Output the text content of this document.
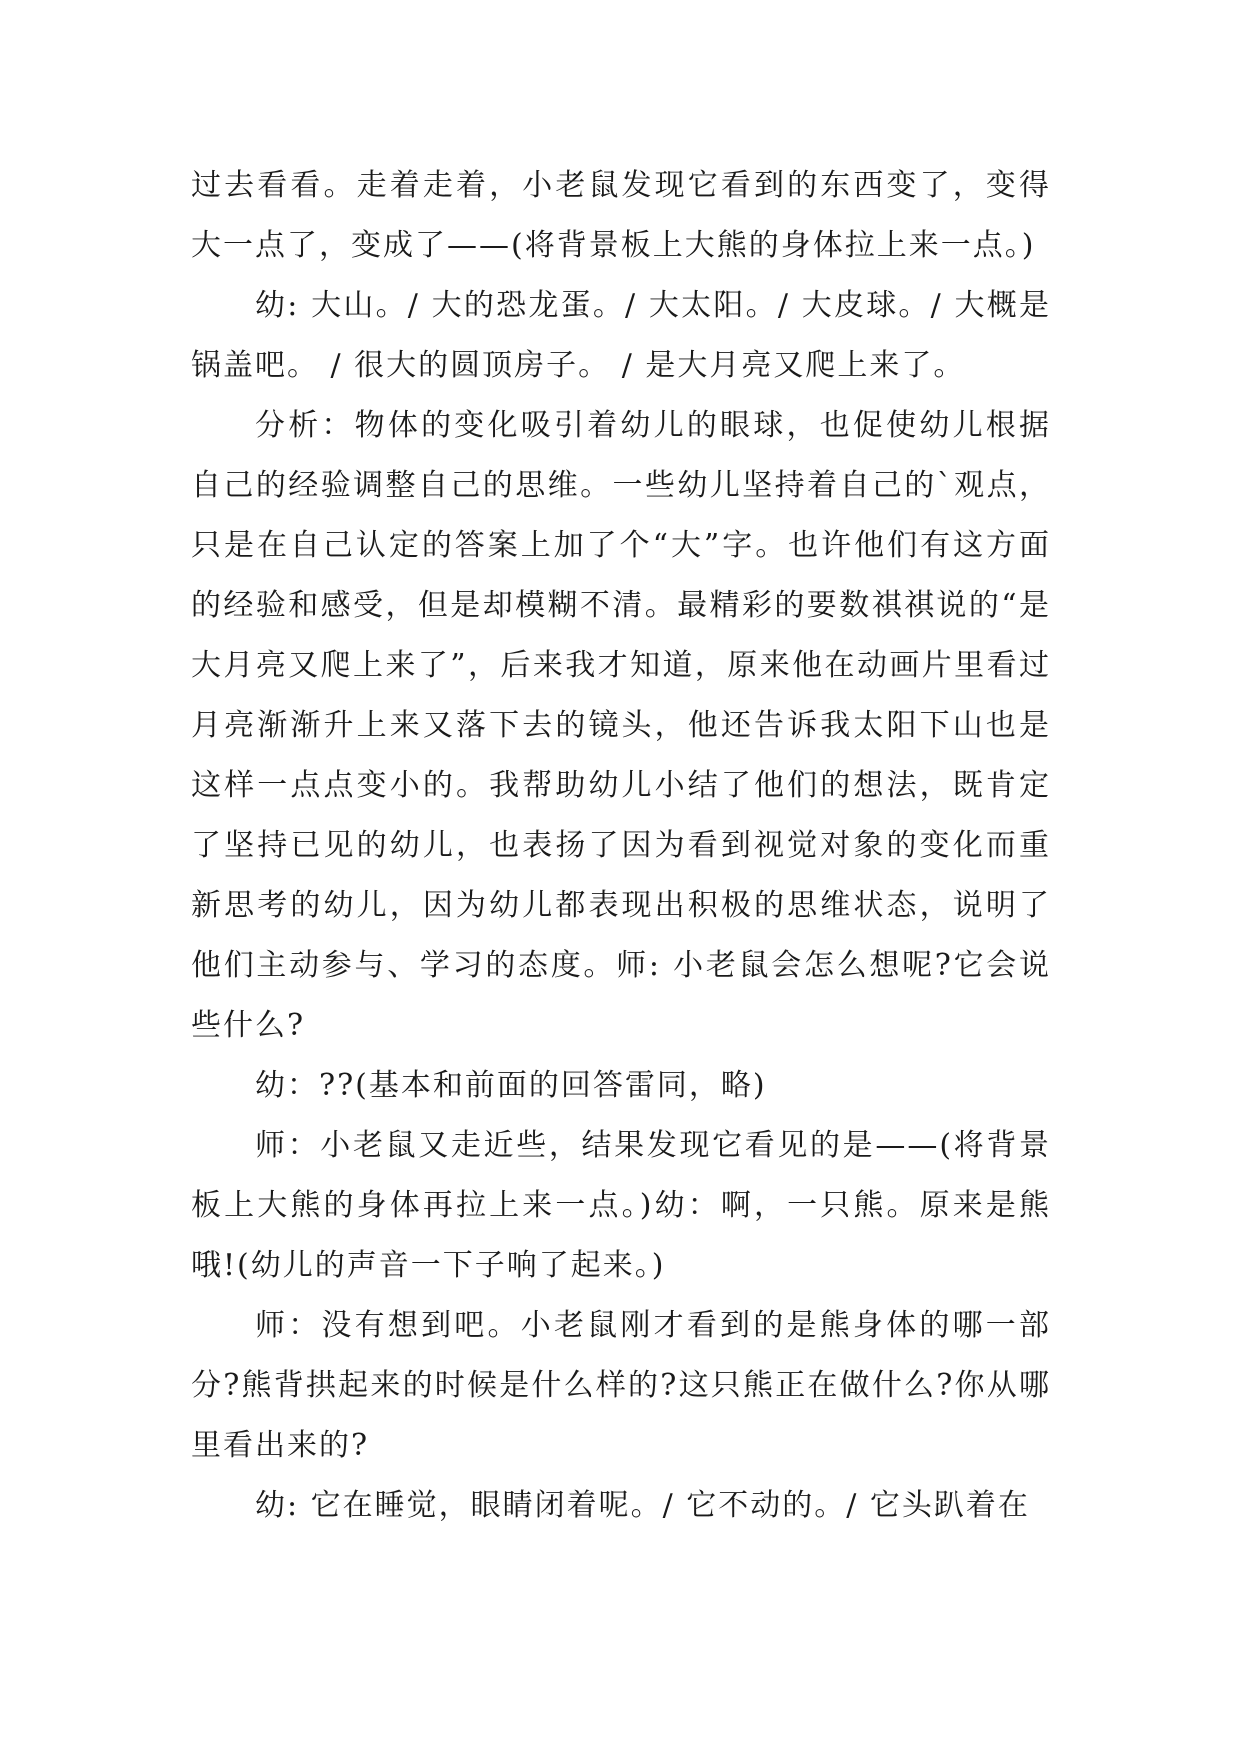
过去看看。走着走着，小老鼠发现它看到的东西变了，变得大一点了，变成了——(将背景板上大熊的身体拉上来一点。)

幼: 大山。/ 大的恐龙蛋。/ 大太阳。/ 大皮球。/ 大概是锅盖吧。 / 很大的圆顶房子。 / 是大月亮又爬上来了。

分析：物体的变化吸引着幼儿的眼球，也促使幼儿根据自己的经验调整自己的思维。一些幼儿坚持着自己的`观点，只是在自己认定的答案上加了个“大”字。也许他们有这方面的经验和感受，但是却模糊不清。最精彩的要数祺祺说的“是大月亮又爬上来了”，后来我才知道，原来他在动画片里看过月亮渐渐升上来又落下去的镜头，他还告诉我太阳下山也是这样一点点变小的。我帮助幼儿小结了他们的想法，既肯定了坚持已见的幼儿，也表扬了因为看到视觉对象的变化而重新思考的幼儿，因为幼儿都表现出积极的思维状态，说明了他们主动参与、学习的态度。师: 小老鼠会怎么想呢?它会说些什么?

幼：??(基本和前面的回答雷同，略)

师：小老鼠又走近些，结果发现它看见的是——(将背景板上大熊的身体再拉上来一点。)幼：啊，一只熊。原来是熊哦!(幼儿的声音一下子响了起来。)

师：没有想到吧。小老鼠刚才看到的是熊身体的哪一部分?熊背拱起来的时候是什么样的?这只熊正在做什么?你从哪里看出来的?

幼: 它在睡觉，眼睛闭着呢。/ 它不动的。/ 它头趴着在
